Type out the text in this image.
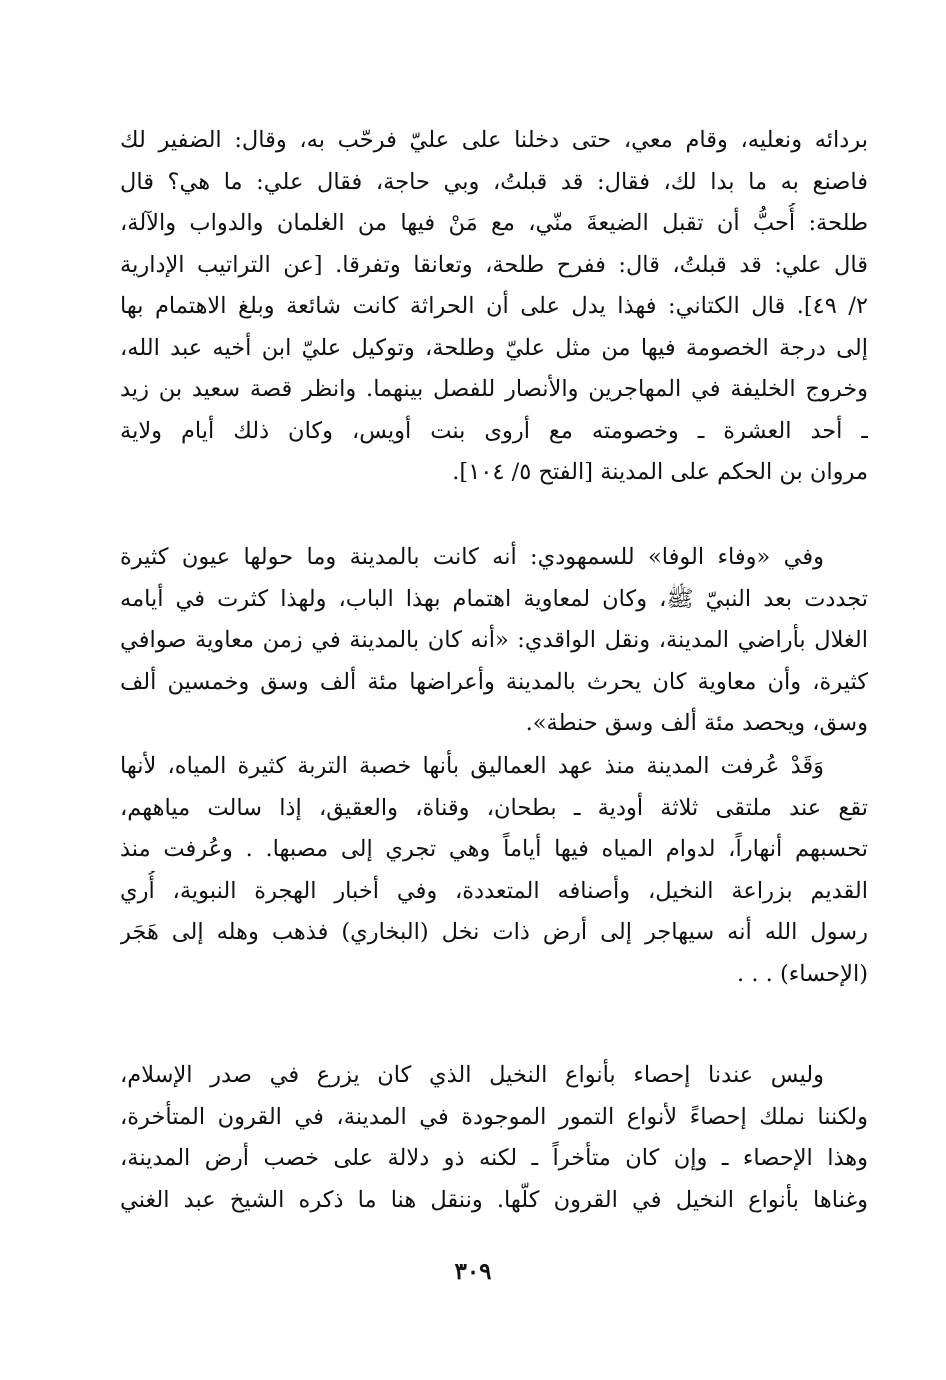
بردائه ونعليه، وقام معي، حتى دخلنا على عليّ فرحّب به، وقال: الضفير لك
فاصنع به ما بدا لك، فقال: قد قبلتُ، وبي حاجة، فقال علي: ما هي؟ قال
طلحة: أُحبُّ أن تقبل الضيعةَ منّي، مع مَنْ فيها من الغلمان والدواب والآلة،
قال علي: قد قبلتُ، قال: ففرح طلحة، وتعانقا وتفرقا. [عن التراتيب الإدارية
٢/ ٤٩]. قال الكتاني: فهذا يدل على أن الحراثة كانت شائعة وبلغ الاهتمام بها
إلى درجة الخصومة فيها من مثل عليّ وطلحة، وتوكيل عليّ ابن أخيه عبد الله،
وخروج الخليفة في المهاجرين والأنصار للفصل بينهما. وانظر قصة سعيد بن زيد
ـ أحد العشرة ـ وخصومته مع أروى بنت أويس، وكان ذلك أيام ولاية
مروان بن الحكم على المدينة [الفتح ٥/ ١٠٤].
وفي «وفاء الوفا» للسمهودي: أنه كانت بالمدينة وما حولها عيون كثيرة
تجددت بعد النبيّ ﷺ، وكان لمعاوية اهتمام بهذا الباب، ولهذا كثرت في أيامه
الغلال بأراضي المدينة، ونقل الواقدي: «أنه كان بالمدينة في زمن معاوية صوافي
كثيرة، وأن معاوية كان يحرث بالمدينة وأعراضها مئة ألف وسق وخمسين ألف
وسق، ويحصد مئة ألف وسق حنطة».
وَقَدْ عُرفت المدينة منذ عهد العماليق بأنها خصبة التربة كثيرة المياه، لأنها
تقع عند ملتقى ثلاثة أودية ـ بطحان، وقناة، والعقيق، إذا سالت مياههم،
تحسبهم أنهاراً، لدوام المياه فيها أياماً وهي تجري إلى مصبها. . وعُرفت منذ
القديم بزراعة النخيل، وأصنافه المتعددة، وفي أخبار الهجرة النبوية، أُري
رسول الله أنه سيهاجر إلى أرض ذات نخل (البخاري) فذهب وهله إلى هَجَر
(الإحساء) . . .
وليس عندنا إحصاء بأنواع النخيل الذي كان يزرع في صدر الإسلام،
ولكننا نملك إحصاءً لأنواع التمور الموجودة في المدينة، في القرون المتأخرة،
وهذا الإحصاء ـ وإن كان متأخراً ـ لكنه ذو دلالة على خصب أرض المدينة،
وغناها بأنواع النخيل في القرون كلّها. وننقل هنا ما ذكره الشيخ عبد الغني
٣٠٩
